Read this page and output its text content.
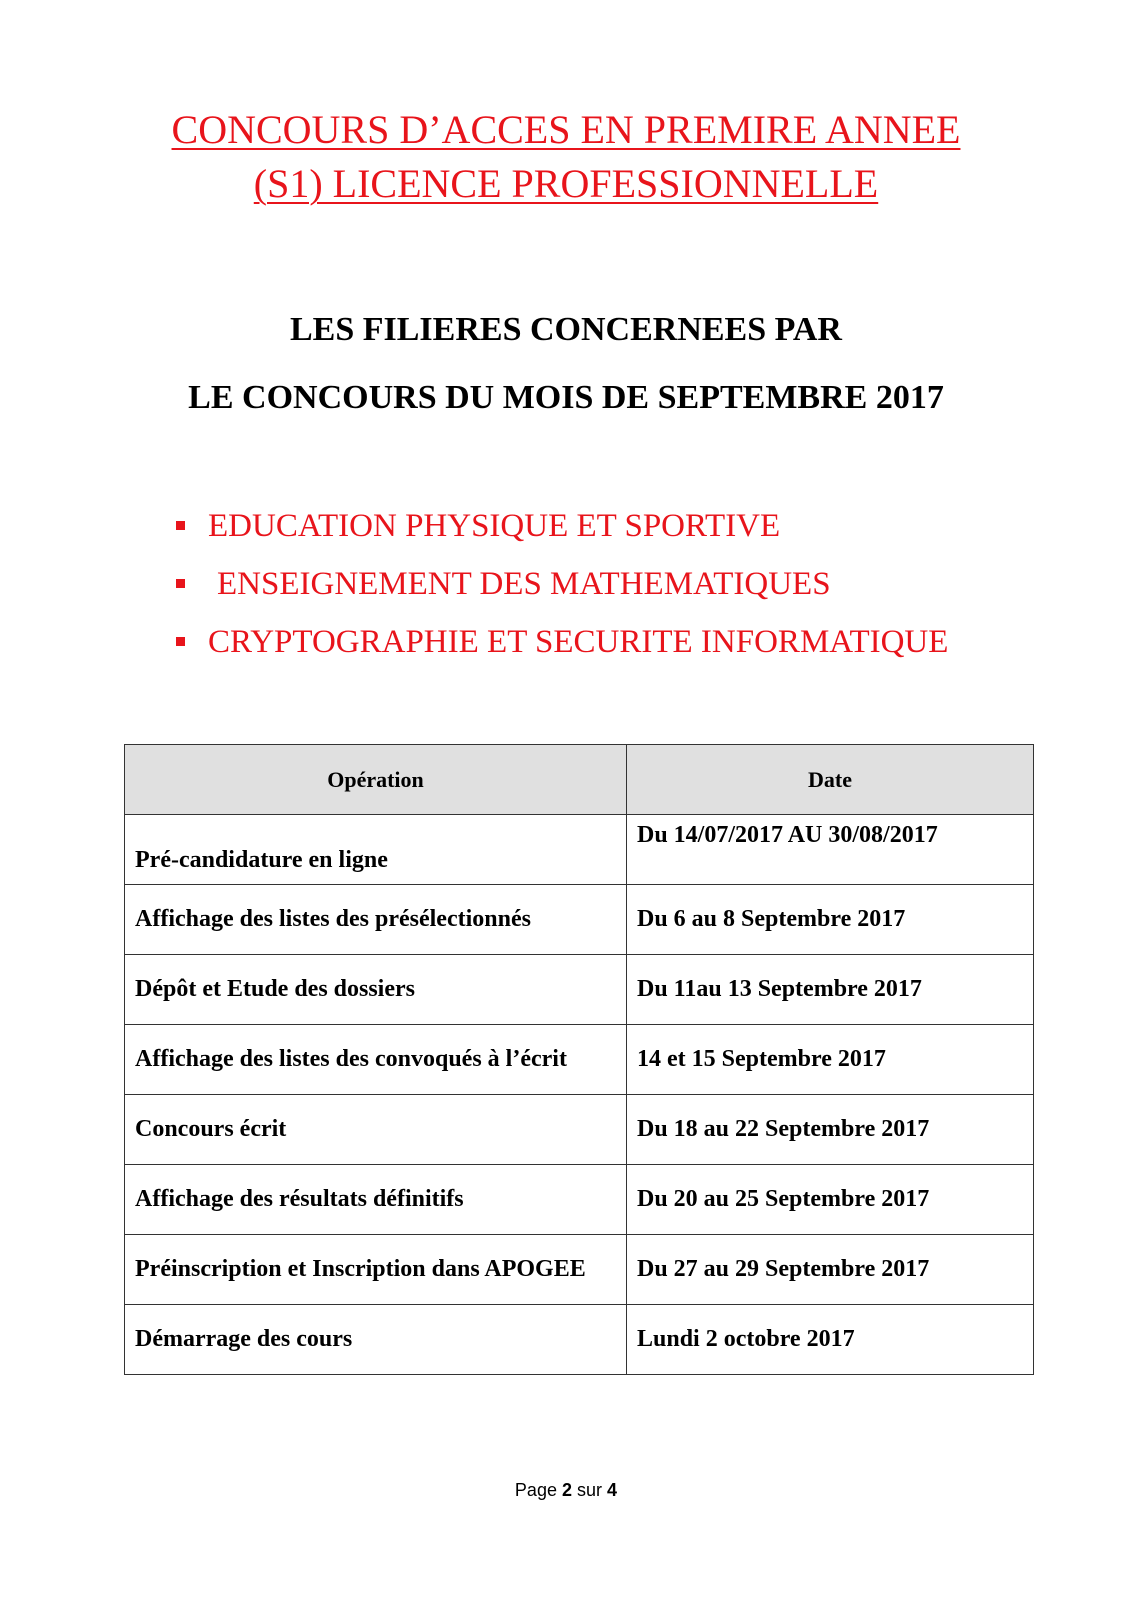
CONCOURS D’ACCES EN PREMIRE ANNEE
(S1) LICENCE PROFESSIONNELLE
LES FILIERES CONCERNEES PAR
LE CONCOURS DU MOIS DE SEPTEMBRE 2017
EDUCATION PHYSIQUE ET SPORTIVE
ENSEIGNEMENT DES MATHEMATIQUES
CRYPTOGRAPHIE ET SECURITE INFORMATIQUE
Opération	Date
Pré-candidature en ligne	Du 14/07/2017 AU 30/08/2017
Affichage des listes des présélectionnés	Du 6 au 8 Septembre 2017
Dépôt et Etude des dossiers	Du 11au 13 Septembre 2017
Affichage des listes des convoqués à l’écrit	14 et 15 Septembre 2017
Concours écrit	Du 18 au 22 Septembre 2017
Affichage des résultats définitifs	Du 20 au 25 Septembre 2017
Préinscription et Inscription dans APOGEE	Du 27 au 29 Septembre 2017
Démarrage des cours	Lundi 2 octobre 2017
Page 2 sur 4
